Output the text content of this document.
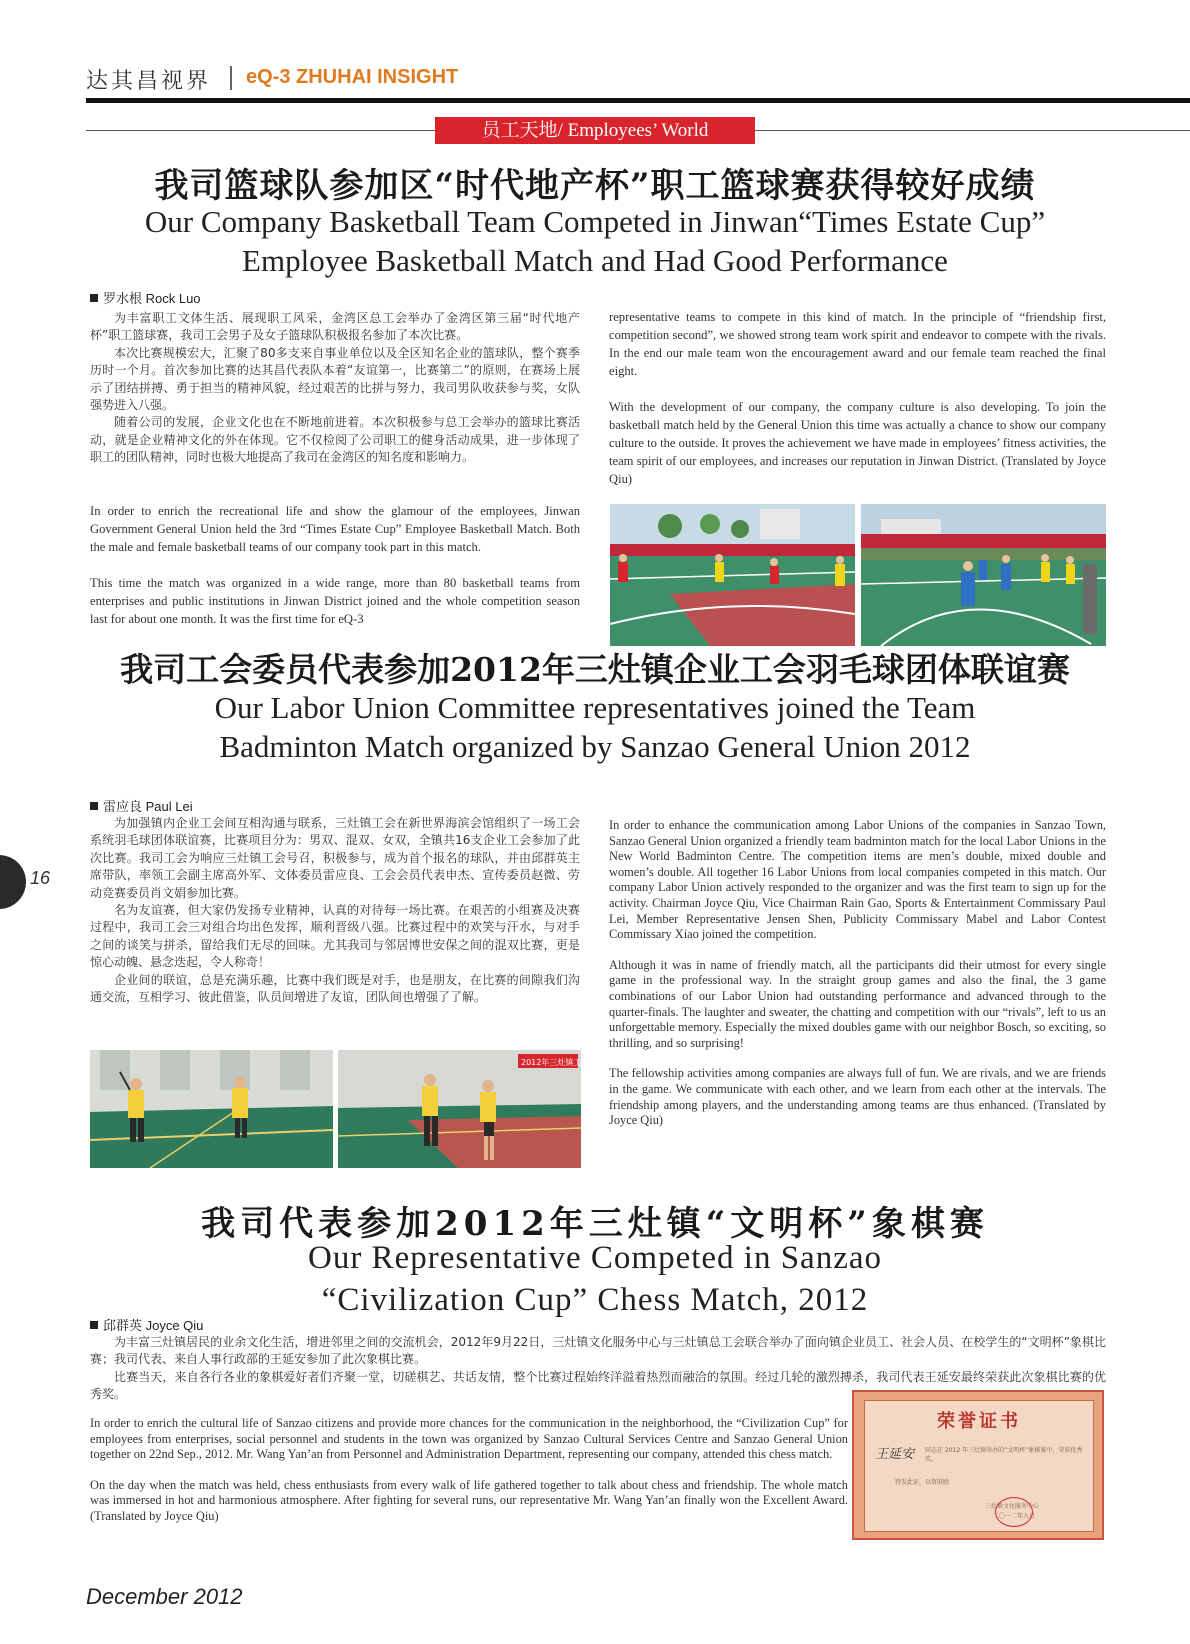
达其昌视界 eQ-3 ZHUHAI INSIGHT
员工天地/ Employees’ World
我司篮球队参加区“时代地产杯”职工篮球赛获得较好成绩
Our Company Basketball Team Competed in Jinwan“Times Estate Cup”
Employee Basketball Match and Had Good Performance
罗水根 Rock Luo

为丰富职工文体生活、展现职工风采，金湾区总工会举办了金湾区第三届“时代地产杯”职工篮球赛，我司工会男子及女子篮球队积极报名参加了本次比赛。

本次比赛规模宏大，汇聚了80多支来自事业单位以及全区知名企业的篮球队，整个赛季历时一个月。首次参加比赛的达其昌代表队本着“友谊第一，比赛第二”的原则，在赛场上展示了团结拼搏、勇于担当的精神风貌，经过艰苦的比拼与努力，我司男队收获参与奖，女队强势进入八强。

随着公司的发展，企业文化也在不断地前进着。本次积极参与总工会举办的篮球比赛活动，就是企业精神文化的外在体现。它不仅检阅了公司职工的健身活动成果，进一步体现了职工的团队精神，同时也极大地提高了我司在金湾区的知名度和影响力。

In order to enrich the recreational life and show the glamour of the employees, Jinwan Government General Union held the 3rd “Times Estate Cup” Employee Basketball Match. Both the male and female basketball teams of our company took part in this match.

This time the match was organized in a wide range, more than 80 basketball teams from enterprises and public institutions in Jinwan District joined and the whole competition season last for about one month. It was the first time for eQ-3

representative teams to compete in this kind of match. In the principle of “friendship first, competition second”, we showed strong team work spirit and endeavor to compete with the rivals. In the end our male team won the encouragement award and our female team reached the final eight.

With the development of our company, the company culture is also developing. To join the basketball match held by the General Union this time was actually a chance to show our company culture to the outside. It proves the achievement we have made in employees’ fitness activities, the team spirit of our employees, and increases our reputation in Jinwan District. (Translated by Joyce Qiu)

我司工会委员代表参加2012年三灶镇企业工会羽毛球团体联谊赛
Our Labor Union Committee representatives joined the Team
Badminton Match organized by Sanzao General Union 2012
雷应良 Paul Lei

为加强镇内企业工会间互相沟通与联系，三灶镇工会在新世界海滨会馆组织了一场工会系统羽毛球团体联谊赛，比赛项目分为：男双、混双、女双，全镇共16支企业工会参加了此次比赛。我司工会为响应三灶镇工会号召，积极参与，成为首个报名的球队，并由邱群英主席带队，率领工会副主席高外军、文体委员雷应良、工会会员代表申杰、宣传委员赵微、劳动竞赛委员肖文娟参加比赛。

名为友谊赛，但大家仍发扬专业精神，认真的对待每一场比赛。在艰苦的小组赛及决赛过程中，我司工会三对组合均出色发挥，顺利晋级八强。比赛过程中的欢笑与汗水，与对手之间的谈笑与拼杀，留给我们无尽的回味。尤其我司与邻居博世安保之间的混双比赛，更是惊心动魄、悬念迭起，令人称奇！

企业间的联谊，总是充满乐趣，比赛中我们既是对手，也是朋友，在比赛的间隙我们沟通交流，互相学习、彼此借鉴，队员间增进了友谊，团队间也增强了了解。

In order to enhance the communication among Labor Unions of the companies in Sanzao Town, Sanzao General Union organized a friendly team badminton match for the local Labor Unions in the New World Badminton Centre. The competition items are men’s double, mixed double and women’s double. All together 16 Labor Unions from local companies competed in this match. Our company Labor Union actively responded to the organizer and was the first team to sign up for the activity. Chairman Joyce Qiu, Vice Chairman Rain Gao, Sports & Entertainment Commissary Paul Lei, Member Representative Jensen Shen, Publicity Commissary Mabel and Labor Contest Commissary Xiao joined the competition.

Although it was in name of friendly match, all the participants did their utmost for every single game in the professional way. In the straight group games and also the final, the 3 game combinations of our Labor Union had outstanding performance and advanced through to the quarter-finals. The laughter and sweater, the chatting and competition with our “rivals”, left to us an unforgettable memory. Especially the mixed doubles game with our neighbor Bosch, so exciting, so thrilling, and so surprising!

The fellowship activities among companies are always full of fun. We are rivals, and we are friends in the game. We communicate with each other, and we learn from each other at the intervals. The friendship among players, and the understanding among teams are thus enhanced. (Translated by Joyce Qiu)

2012年三灶镇工
我司代表参加2012年三灶镇“文明杯”象棋赛
Our Representative Competed in Sanzao
“Civilization Cup” Chess Match, 2012
邱群英 Joyce Qiu

为丰富三灶镇居民的业余文化生活，增进邻里之间的交流机会，2012年9月22日，三灶镇文化服务中心与三灶镇总工会联合举办了面向镇企业员工、社会人员、在校学生的“文明杯”象棋比赛；我司代表、来自人事行政部的王延安参加了此次象棋比赛。

比赛当天，来自各行各业的象棋爱好者们齐聚一堂，切磋棋艺、共话友情，整个比赛过程始终洋溢着热烈而融洽的氛围。经过几轮的激烈搏杀，我司代表王延安最终荣获此次象棋比赛的优秀奖。

In order to enrich the cultural life of Sanzao citizens and provide more chances for the communication in the neighborhood, the “Civilization Cup” for employees from enterprises, social personnel and students in the town was organized by Sanzao Cultural Services Centre and Sanzao General Union together on 22nd Sep., 2012. Mr. Wang Yan’an from Personnel and Administration Department, representing our company, attended this chess match.

On the day when the match was held, chess enthusiasts from every walk of life gathered together to talk about chess and friendship. The whole match was immersed in hot and harmonious atmosphere. After fighting for several runs, our representative Mr. Wang Yan’an finally won the Excellent Award.(Translated by Joyce Qiu)

荣誉证书
王延安 同志在 2012 年三灶镇举办的“文明杯”象棋赛中，荣获优秀奖。
特发此证，以资鼓励
三灶镇文化服务中心
二〇一二年九月
16
December 2012
